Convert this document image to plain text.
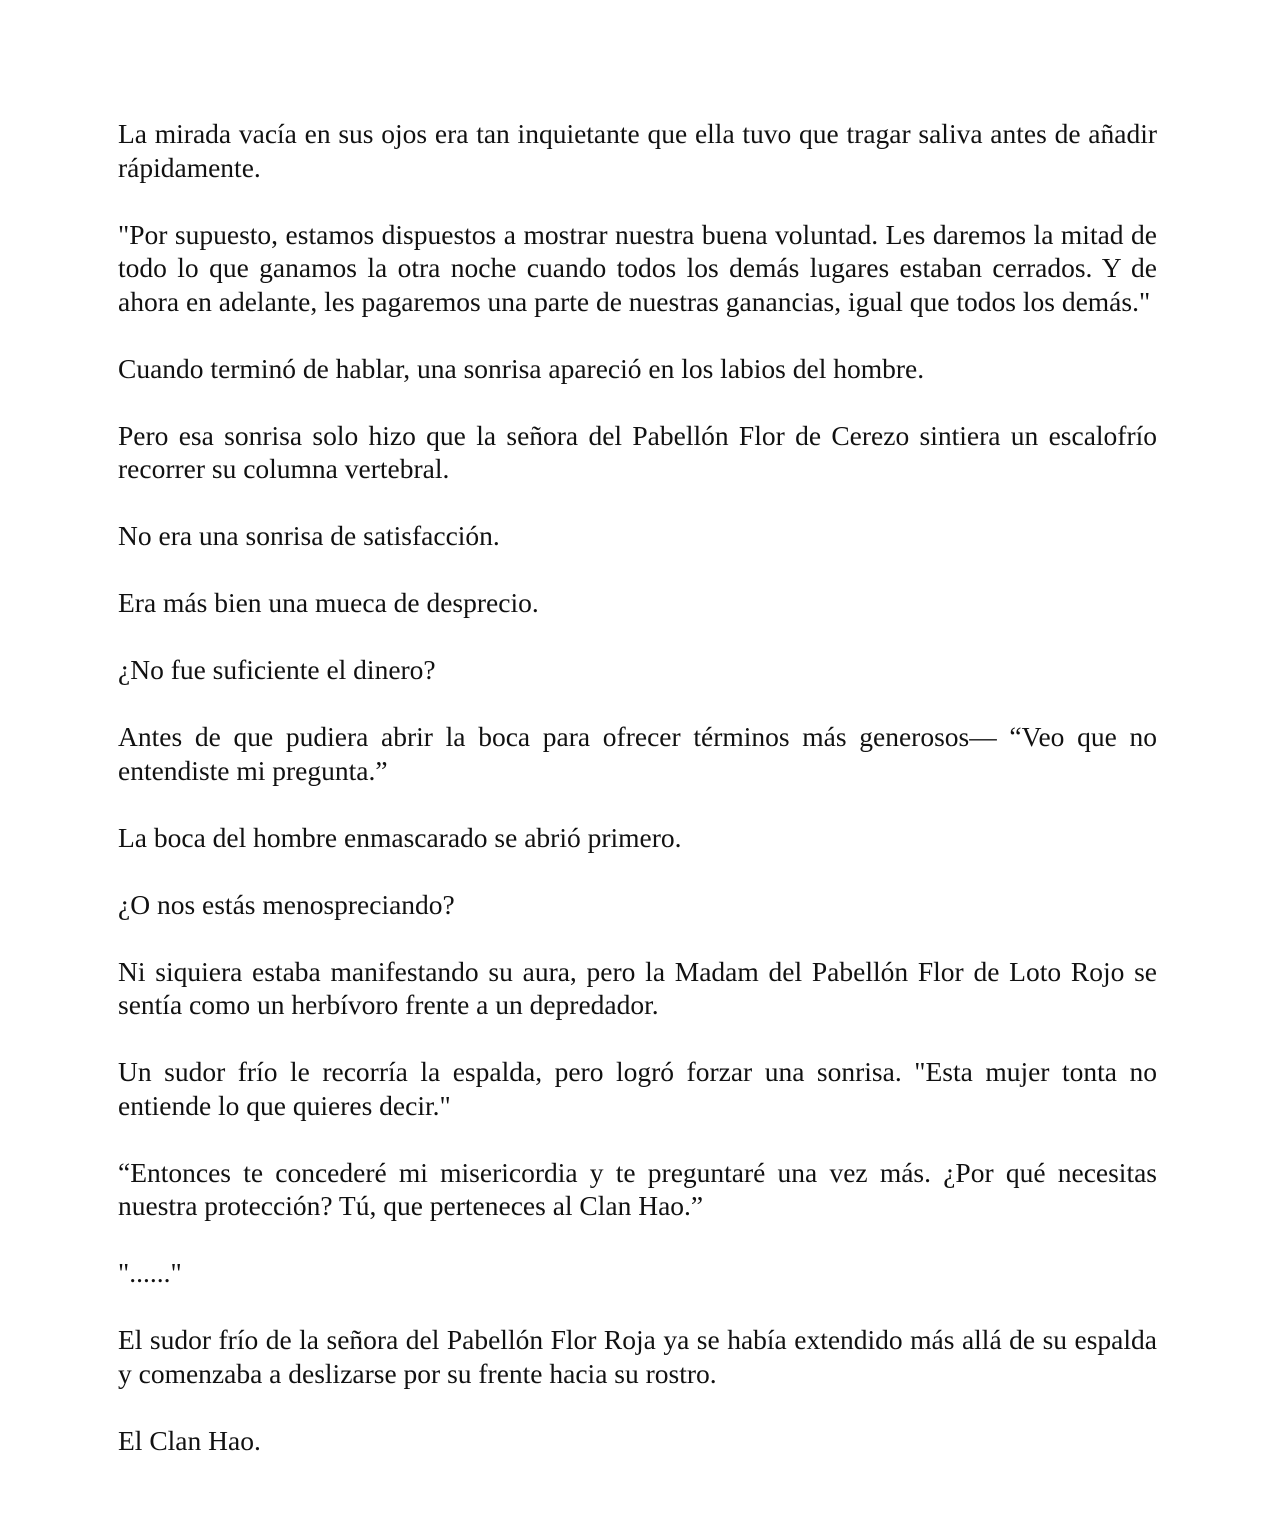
La mirada vacía en sus ojos era tan inquietante que ella tuvo que tragar saliva antes de añadir rápidamente.

"Por supuesto, estamos dispuestos a mostrar nuestra buena voluntad. Les daremos la mitad de todo lo que ganamos la otra noche cuando todos los demás lugares estaban cerrados. Y de ahora en adelante, les pagaremos una parte de nuestras ganancias, igual que todos los demás."

Cuando terminó de hablar, una sonrisa apareció en los labios del hombre.

Pero esa sonrisa solo hizo que la señora del Pabellón Flor de Cerezo sintiera un escalofrío recorrer su columna vertebral.

No era una sonrisa de satisfacción.

Era más bien una mueca de desprecio.

¿No fue suficiente el dinero?

Antes de que pudiera abrir la boca para ofrecer términos más generosos— “Veo que no entendiste mi pregunta.”

La boca del hombre enmascarado se abrió primero.

¿O nos estás menospreciando?

Ni siquiera estaba manifestando su aura, pero la Madam del Pabellón Flor de Loto Rojo se sentía como un herbívoro frente a un depredador.

Un sudor frío le recorría la espalda, pero logró forzar una sonrisa. "Esta mujer tonta no entiende lo que quieres decir."

“Entonces te concederé mi misericordia y te preguntaré una vez más. ¿Por qué necesitas nuestra protección? Tú, que perteneces al Clan Hao.”

"......"

El sudor frío de la señora del Pabellón Flor Roja ya se había extendido más allá de su espalda y comenzaba a deslizarse por su frente hacia su rostro.

El Clan Hao.
